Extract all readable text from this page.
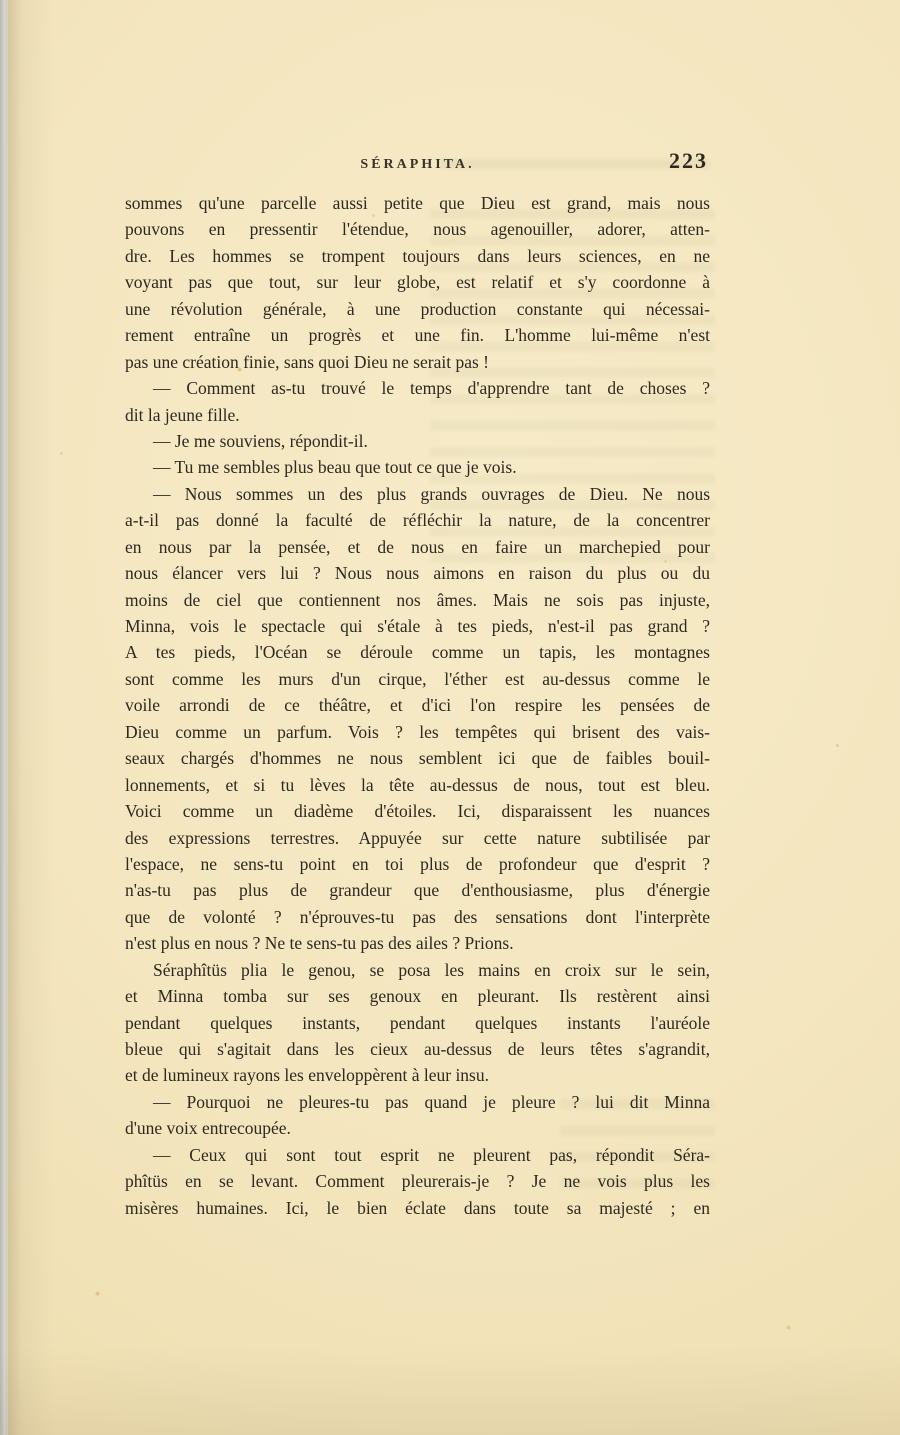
SÉRAPHITA.	223
sommes qu'une parcelle aussi petite que Dieu est grand, mais nous
pouvons en pressentir l'étendue, nous agenouiller, adorer, atten-
dre. Les hommes se trompent toujours dans leurs sciences, en ne
voyant pas que tout, sur leur globe, est relatif et s'y coordonne à
une révolution générale, à une production constante qui nécessai-
rement entraîne un progrès et une fin. L'homme lui-même n'est
pas une création finie, sans quoi Dieu ne serait pas !
— Comment as-tu trouvé le temps d'apprendre tant de choses ?
dit la jeune fille.
— Je me souviens, répondit-il.
— Tu me sembles plus beau que tout ce que je vois.
— Nous sommes un des plus grands ouvrages de Dieu. Ne nous
a-t-il pas donné la faculté de réfléchir la nature, de la concentrer
en nous par la pensée, et de nous en faire un marchepied pour
nous élancer vers lui ? Nous nous aimons en raison du plus ou du
moins de ciel que contiennent nos âmes. Mais ne sois pas injuste,
Minna, vois le spectacle qui s'étale à tes pieds, n'est-il pas grand ?
A tes pieds, l'Océan se déroule comme un tapis, les montagnes
sont comme les murs d'un cirque, l'éther est au-dessus comme le
voile arrondi de ce théâtre, et d'ici l'on respire les pensées de
Dieu comme un parfum. Vois ? les tempêtes qui brisent des vais-
seaux chargés d'hommes ne nous semblent ici que de faibles bouil-
lonnements, et si tu lèves la tête au-dessus de nous, tout est bleu.
Voici comme un diadème d'étoiles. Ici, disparaissent les nuances
des expressions terrestres. Appuyée sur cette nature subtilisée par
l'espace, ne sens-tu point en toi plus de profondeur que d'esprit ?
n'as-tu pas plus de grandeur que d'enthousiasme, plus d'énergie
que de volonté ? n'éprouves-tu pas des sensations dont l'interprète
n'est plus en nous ? Ne te sens-tu pas des ailes ? Prions.
Séraphîtüs plia le genou, se posa les mains en croix sur le sein,
et Minna tomba sur ses genoux en pleurant. Ils restèrent ainsi
pendant quelques instants, pendant quelques instants l'auréole
bleue qui s'agitait dans les cieux au-dessus de leurs têtes s'agrandit,
et de lumineux rayons les enveloppèrent à leur insu.
— Pourquoi ne pleures-tu pas quand je pleure ? lui dit Minna
d'une voix entrecoupée.
— Ceux qui sont tout esprit ne pleurent pas, répondit Séra-
phîtüs en se levant. Comment pleurerais-je ? Je ne vois plus les
misères humaines. Ici, le bien éclate dans toute sa majesté ; en
